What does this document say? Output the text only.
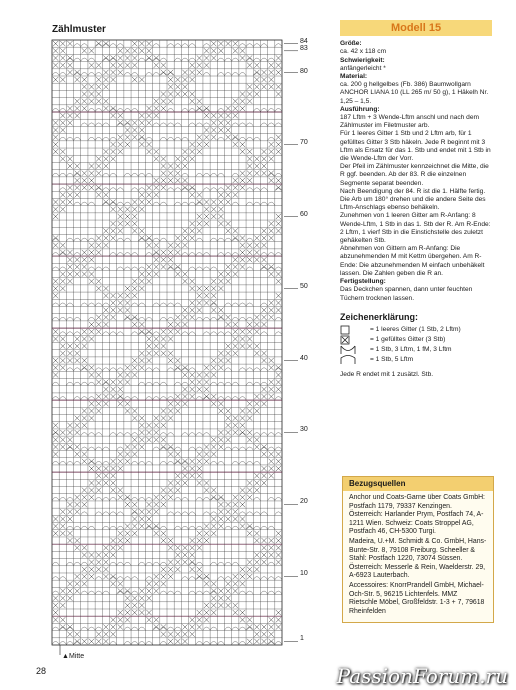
Zählmuster
84
83
80
70
60
50
40
30
20
10
1
▲Mitte
28
Modell 15
Größe:
ca. 42 x 118 cm
Schwierigkeit:
anfängerleicht *
Material:
ca. 200 g hellgelbes (Fb. 386) Baumwollgarn ANCHOR LIANA 10 (LL 265 m/ 50 g), 1 Häkelh Nr. 1,25 – 1,5.
Ausführung:
187 Lftm + 3 Wende-Lftm anschl und nach dem Zählmuster im Filetmuster arb.
Für 1 leeres Gitter 1 Stb und 2 Lftm arb, für 1 gefülltes Gitter 3 Stb häkeln. Jede R beginnt mit 3 Lftm als Ersatz für das 1. Stb und endet mit 1 Stb in die Wende-Lftm der Vorr.
Der Pfeil im Zählmuster kennzeichnet die Mitte, die R ggf. beenden. Ab der 83. R die einzelnen Segmente separat beenden.
Nach Beendigung der 84. R ist die 1. Hälfte fertig. Die Arb um 180° drehen und die andere Seite des Lftm-Anschlags ebenso behäkeln.
Zunehmen von 1 leeren Gitter am R-Anfang: 8 Wende-Lftm, 1 Stb in das 1. Stb der R. Am R-Ende: 2 Lftm, 1 vierf Stb in die Einstichstelle des zuletzt gehäkelten Stb.
Abnehmen von Gittern am R-Anfang: Die abzunehmenden M mit Kettm übergehen. Am R-Ende: Die abzunehmenden M einfach unbehäkelt lassen. Die Zahlen geben die R an.
Fertigstellung:
Das Deckchen spannen, dann unter feuchten Tüchern trocknen lassen.
Zeichenerklärung:
= 1 leeres Gitter (1 Stb, 2 Lftm)
= 1 gefülltes Gitter (3 Stb)
= 1 Stb, 3 Lftm, 1 fM, 3 Lftm
= 1 Stb, 5 Lftm
Jede R endet mit 1 zusätzl. Stb.
Bezugsquellen

Anchor und Coats-Garne über Coats GmbH: Postfach 1179, 79337 Kenzingen. Österreich: Harlander Prym, Postfach 74, A-1211 Wien. Schweiz: Coats Stroppel AG, Postfach 46, CH-5300 Turgi.

Madeira, U.+M. Schmidt & Co. GmbH, Hans-Bunte-Str. 8, 79108 Freiburg. Scheeller & Stahl: Postfach 1220, 73074 Süssen. Österreich: Messerle & Rein, Waelderstr. 29, A-6923 Lauterbach.

Accessoires: KnorrPrandell GmbH, Michael-Och-Str. 5, 96215 Lichtenfels. MMZ Rietschle Möbel, Großfeldstr. 1-3 + 7, 79618 Rheinfelden

PassionForum.ru
